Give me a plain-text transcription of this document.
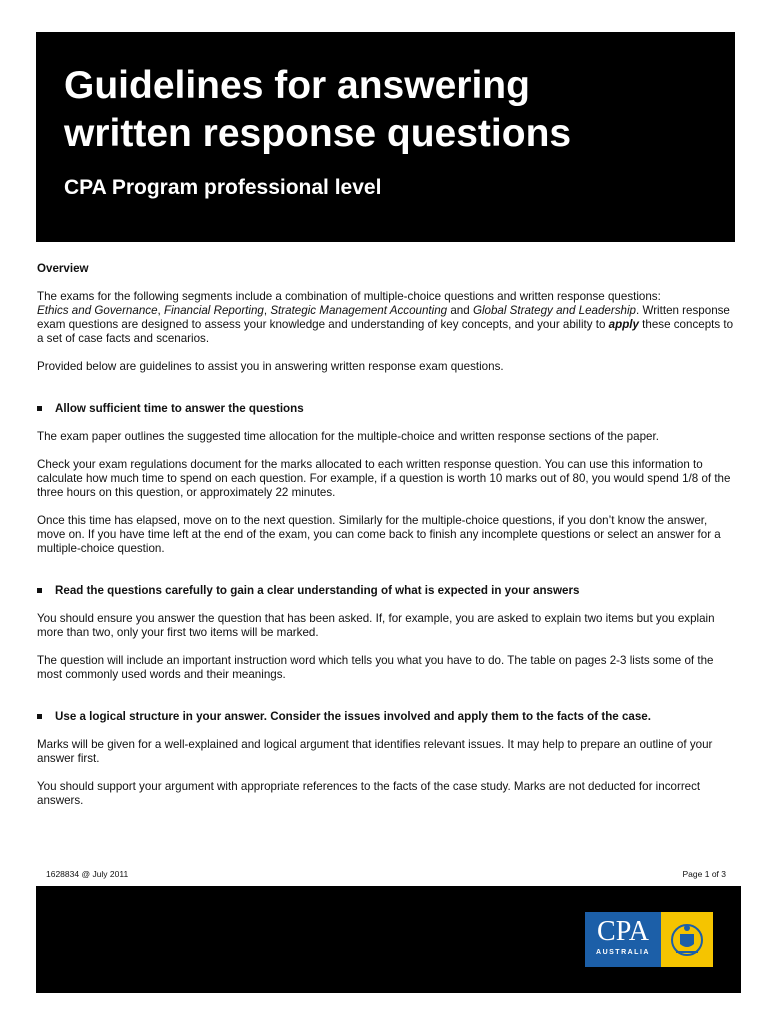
Guidelines for answering
written response questions
CPA Program professional level

Overview

The exams for the following segments include a combination of multiple-choice questions and written response questions:
Ethics and Governance, Financial Reporting, Strategic Management Accounting and Global Strategy and Leadership. Written response exam questions are designed to assess your knowledge and understanding of key concepts, and your ability to apply these concepts to a set of case facts and scenarios.

Provided below are guidelines to assist you in answering written response exam questions.

Allow sufficient time to answer the questions

The exam paper outlines the suggested time allocation for the multiple-choice and written response sections of the paper.

Check your exam regulations document for the marks allocated to each written response question. You can use this information to calculate how much time to spend on each question. For example, if a question is worth 10 marks out of 80, you would spend 1/8 of the three hours on this question, or approximately 22 minutes.

Once this time has elapsed, move on to the next question. Similarly for the multiple-choice questions, if you don’t know the answer, move on. If you have time left at the end of the exam, you can come back to finish any incomplete questions or select an answer for a multiple-choice question.

Read the questions carefully to gain a clear understanding of what is expected in your answers

You should ensure you answer the question that has been asked. If, for example, you are asked to explain two items but you explain more than two, only your first two items will be marked.

The question will include an important instruction word which tells you what you have to do. The table on pages 2-3 lists some of the most commonly used words and their meanings.

Use a logical structure in your answer. Consider the issues involved and apply them to the facts of the case.

Marks will be given for a well-explained and logical argument that identifies relevant issues. It may help to prepare an outline of your answer first.

You should support your argument with appropriate references to the facts of the case study. Marks are not deducted for incorrect answers.

1628834 @ July 2011	Page 1 of 3
CPA
AUSTRALIA
